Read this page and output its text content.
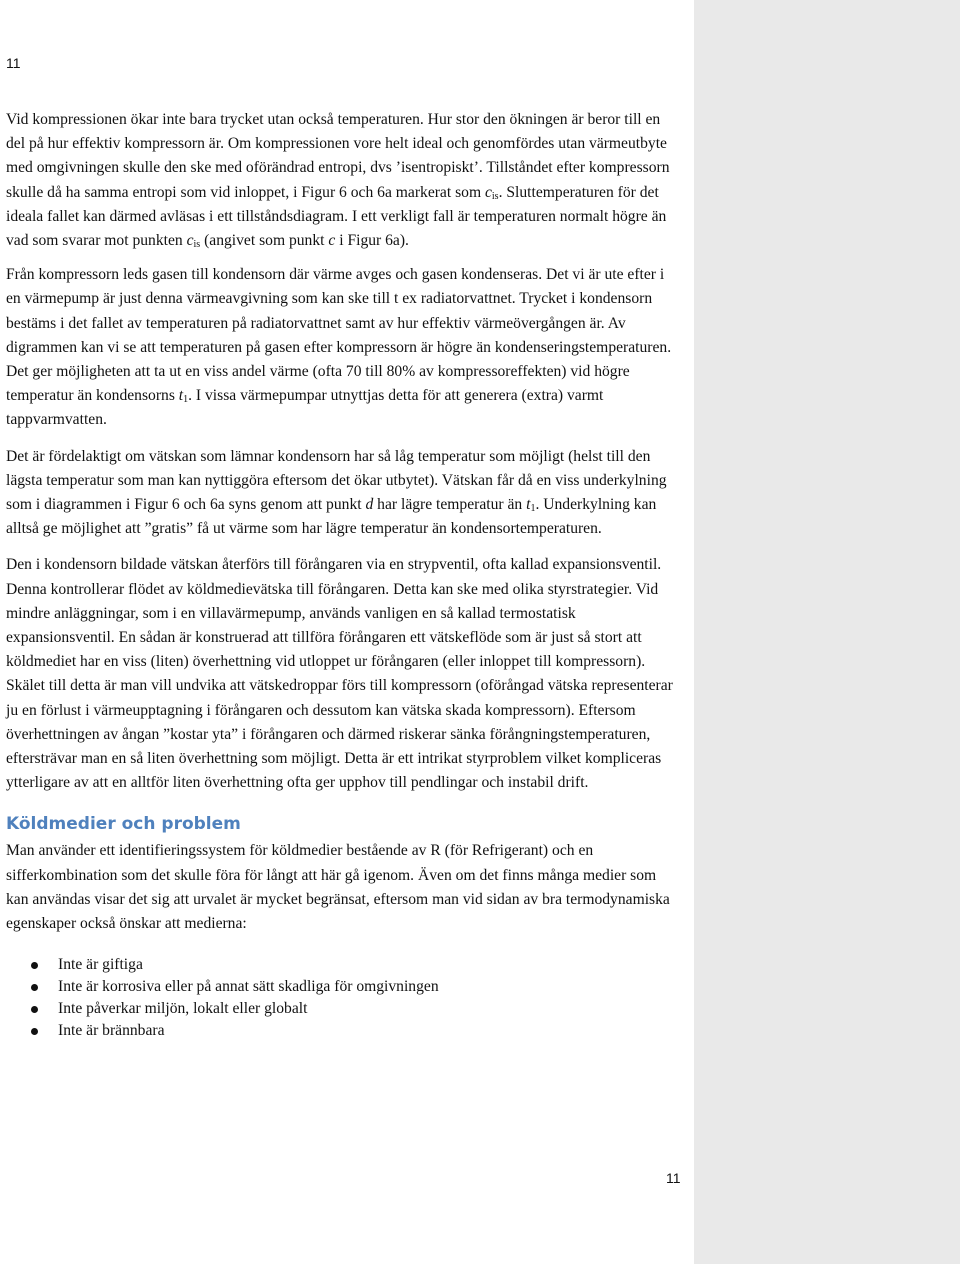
11

Vid kompressionen ökar inte bara trycket utan också temperaturen. Hur stor den ökningen är beror till en del på hur effektiv kompressorn är. Om kompressionen vore helt ideal och genomfördes utan värmeutbyte med omgivningen skulle den ske med oförändrad entropi, dvs ’isentropiskt’. Tillståndet efter kompressorn skulle då ha samma entropi som vid inloppet, i Figur 6 och 6a markerat som $c_{is}$. Sluttemperaturen för det ideala fallet kan därmed avläsas i ett tillståndsdiagram. I ett verkligt fall är temperaturen normalt högre än vad som svarar mot punkten $c_{is}$ (angivet som punkt c i Figur 6a).

Från kompressorn leds gasen till kondensorn där värme avges och gasen kondenseras. Det vi är ute efter i en värmepump är just denna värmeavgivning som kan ske till t ex radiatorvattnet. Trycket i kondensorn bestäms i det fallet av temperaturen på radiatorvattnet samt av hur effektiv värmeövergången är. Av digrammen kan vi se att temperaturen på gasen efter kompressorn är högre än kondenseringstemperaturen. Det ger möjligheten att ta ut en viss andel värme (ofta 70 till 80% av kompressoreffekten) vid högre temperatur än kondensorns $t_1$. I vissa värmepumpar utnyttjas detta för att generera (extra) varmt tappvarmvatten.

Det är fördelaktigt om vätskan som lämnar kondensorn har så låg temperatur som möjligt (helst till den lägsta temperatur som man kan nyttiggöra eftersom det ökar utbytet). Vätskan får då en viss underkylning som i diagrammen i Figur 6 och 6a syns genom att punkt d har lägre temperatur än $t_1$. Underkylning kan alltså ge möjlighet att ”gratis” få ut värme som har lägre temperatur än kondensortemperaturen.

Den i kondensorn bildade vätskan återförs till förångaren via en strypventil, ofta kallad expansionsventil. Denna kontrollerar flödet av köldmedievätska till förångaren. Detta kan ske med olika styrstrategier. Vid mindre anläggningar, som i en villavärmepump, används vanligen en så kallad termostatisk expansionsventil. En sådan är konstruerad att tillföra förångaren ett vätskeflöde som är just så stort att köldmediet har en viss (liten) överhettning vid utloppet ur förångaren (eller inloppet till kompressorn). Skälet till detta är man vill undvika att vätskedroppar förs till kompressorn (oförångad vätska representerar ju en förlust i värmeupptagning i förångaren och dessutom kan vätska skada kompressorn). Eftersom överhettningen av ångan ”kostar yta” i förångaren och därmed riskerar sänka förångningstemperaturen, eftersträvar man en så liten överhettning som möjligt. Detta är ett intrikat styrproblem vilket kompliceras ytterligare av att en alltför liten överhettning ofta ger upphov till pendlingar och instabil drift.

Köldmedier och problem

Man använder ett identifieringssystem för köldmedier bestående av R (för Refrigerant) och en sifferkombination som det skulle föra för långt att här gå igenom. Även om det finns många medier som kan användas visar det sig att urvalet är mycket begränsat, eftersom man vid sidan av bra termodynamiska egenskaper också önskar att medierna:

Inte är giftiga
Inte är korrosiva eller på annat sätt skadliga för omgivningen
Inte påverkar miljön, lokalt eller globalt
Inte är brännbara
11
